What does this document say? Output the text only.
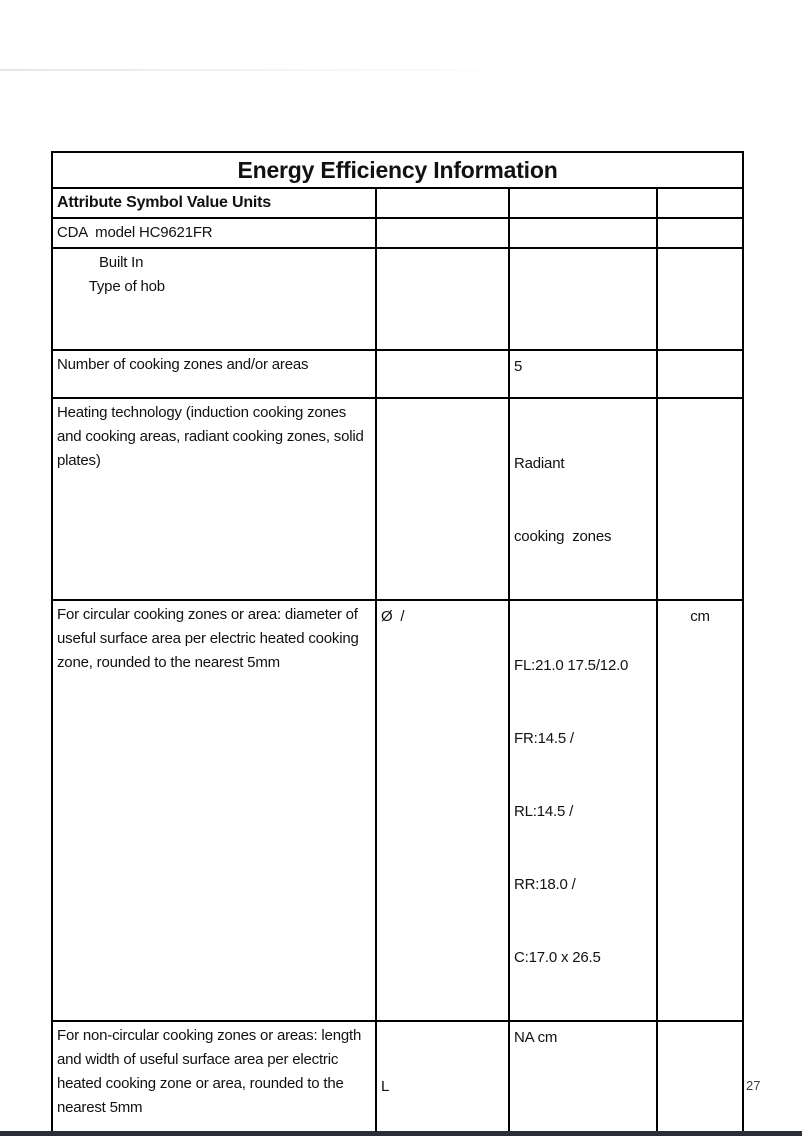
Energy Efficiency Information			
Attribute Symbol Value Units			
CDA  model HC9621FR			

Type of hob

Built In			

Number of cooking zones and/or areas		5	
Heating technology (induction cooking zones and cooking areas, radiant cooking zones, solid plates)		Radiant

cooking  zones	

For circular cooking zones or area: diameter of useful surface area per electric heated cooking zone, rounded to the nearest 5mm	Ø  /	FL:21.0 17.5/12.0

FR:14.5 /

RL:14.5 /

RR:18.0 /

C:17.0 x 26.5	cm
For non-circular cooking zones or areas: length and width of useful surface area per electric heated cooking zone or area, rounded to the nearest 5mm	L	NA cm	

27
